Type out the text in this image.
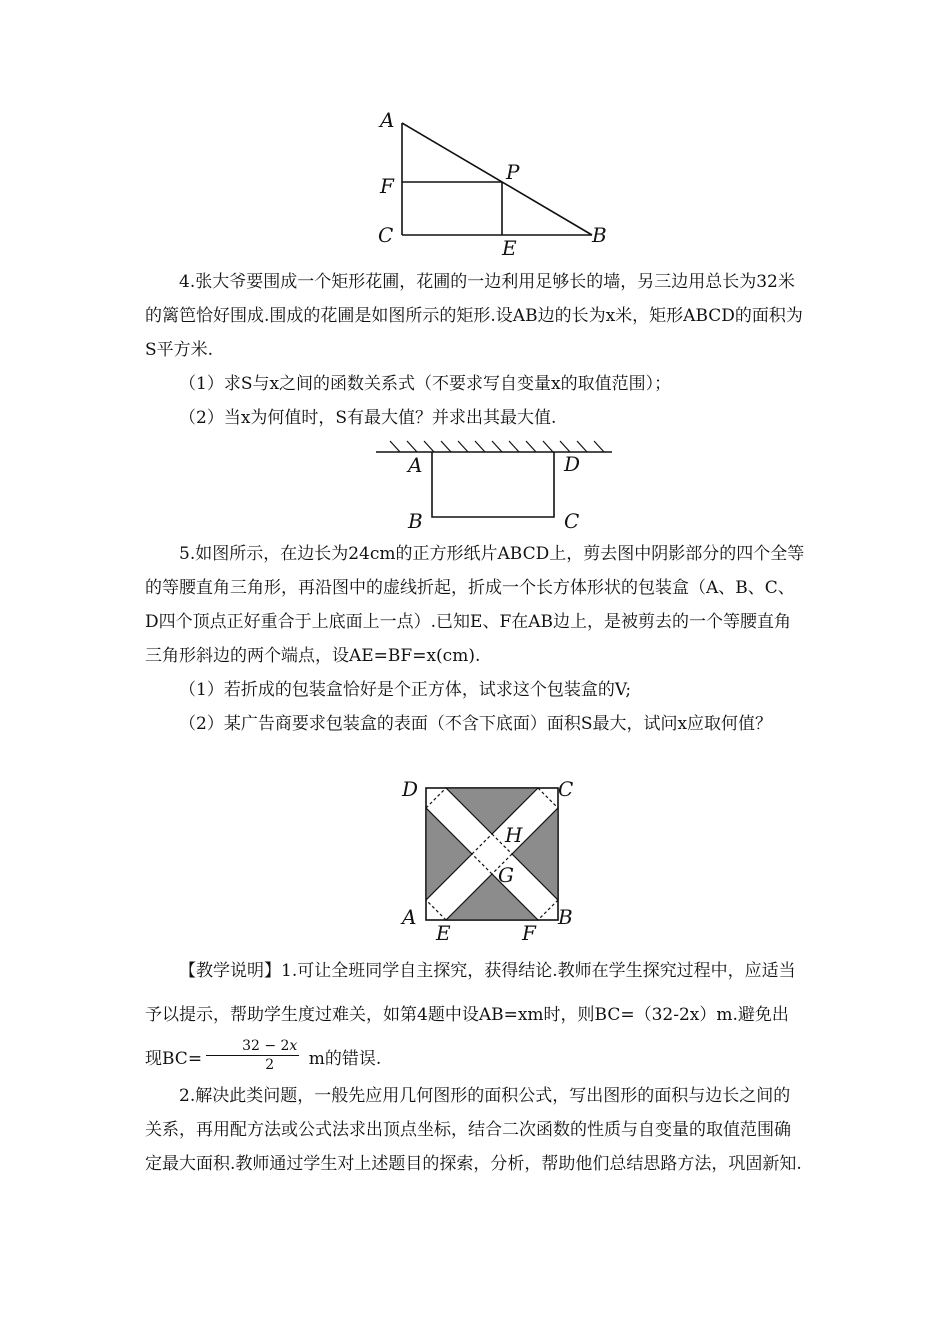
A
P
F
C
E
B

4.张大爷要围成一个矩形花圃，花圃的一边利用足够长的墙，另三边用总长为32米的篱笆恰好围成.围成的花圃是如图所示的矩形.设AB边的长为x米，矩形ABCD的面积为S平方米.

（1）求S与x之间的函数关系式（不要求写自变量x的取值范围）；

（2）当x为何值时，S有最大值？并求出其最大值.

A	D
B	C

5.如图所示，在边长为24cm的正方形纸片ABCD上，剪去图中阴影部分的四个全等的等腰直角三角形，再沿图中的虚线折起，折成一个长方体形状的包装盒（A、B、C、D四个顶点正好重合于上底面上一点）.已知E、F在AB边上，是被剪去的一个等腰直角三角形斜边的两个端点，设AE=BF=x(cm).

（1）若折成的包装盒恰好是个正方体，试求这个包装盒的V;

（2）某广告商要求包装盒的表面（不含下底面）面积S最大，试问x应取何值？

D	C
H
G
A	B
E	F

【教学说明】1.可让全班同学自主探究，获得结论.教师在学生探究过程中，应适当予以提示，帮助学生度过难关，如第4题中设AB=xm时，则BC=（32-2x）m.避免出现$BC= \frac{32 - 2x}{2}$ m的错误.

2.解决此类问题，一般先应用几何图形的面积公式，写出图形的面积与边长之间的关系，再用配方法或公式法求出顶点坐标，结合二次函数的性质与自变量的取值范围确定最大面积.教师通过学生对上述题目的探索，分析，帮助他们总结思路方法，巩固新知.
